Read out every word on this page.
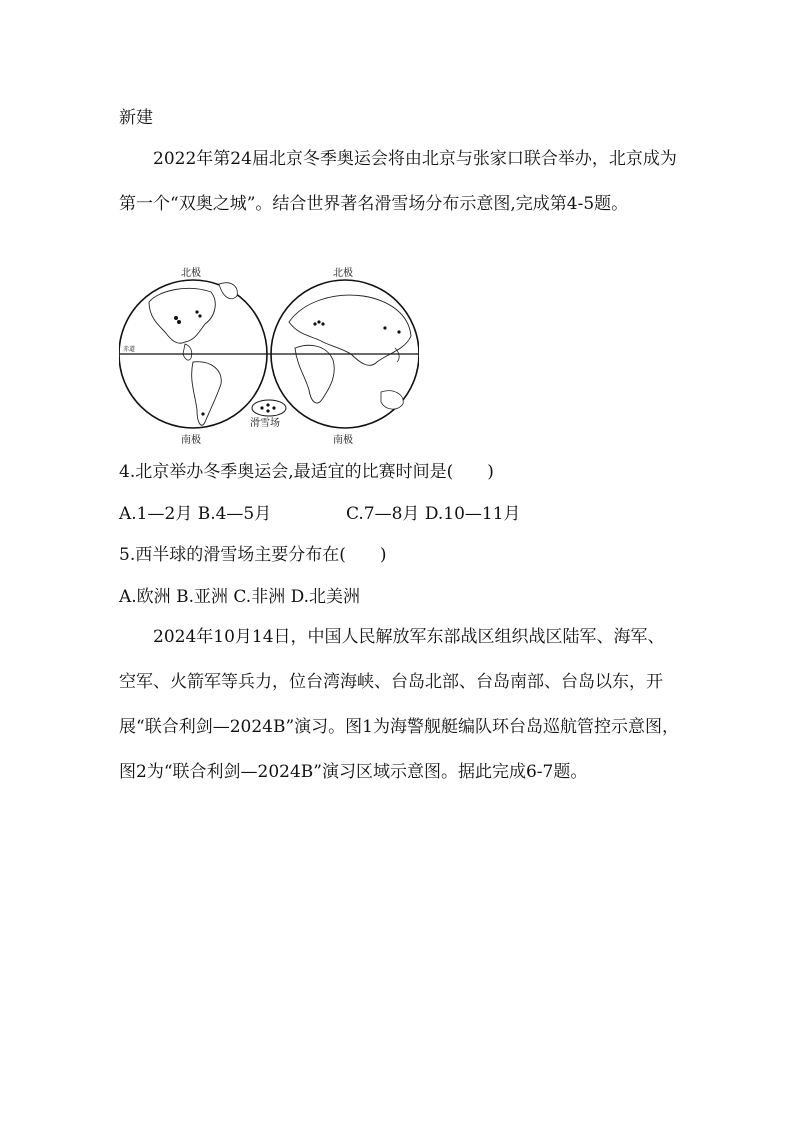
新建
2022年第24届北京冬季奥运会将由北京与张家口联合举办，北京成为第一个“双奥之城”。结合世界著名滑雪场分布示意图,完成第4-5题。
赤道
北极	北极
南极	南极
滑雪场
4.北京举办冬季奥运会,最适宜的比赛时间是(　　)
A.1—2月 B.4—5月	C.7—8月 D.10—11月
5.西半球的滑雪场主要分布在(　　)
A.欧洲 B.亚洲 C.非洲 D.北美洲
2024年10月14日，中国人民解放军东部战区组织战区陆军、海军、空军、火箭军等兵力，位台湾海峡、台岛北部、台岛南部、台岛以东，开展“联合利剑—2024B”演习。图1为海警舰艇编队环台岛巡航管控示意图，图2为“联合利剑—2024B”演习区域示意图。据此完成6-7题。
